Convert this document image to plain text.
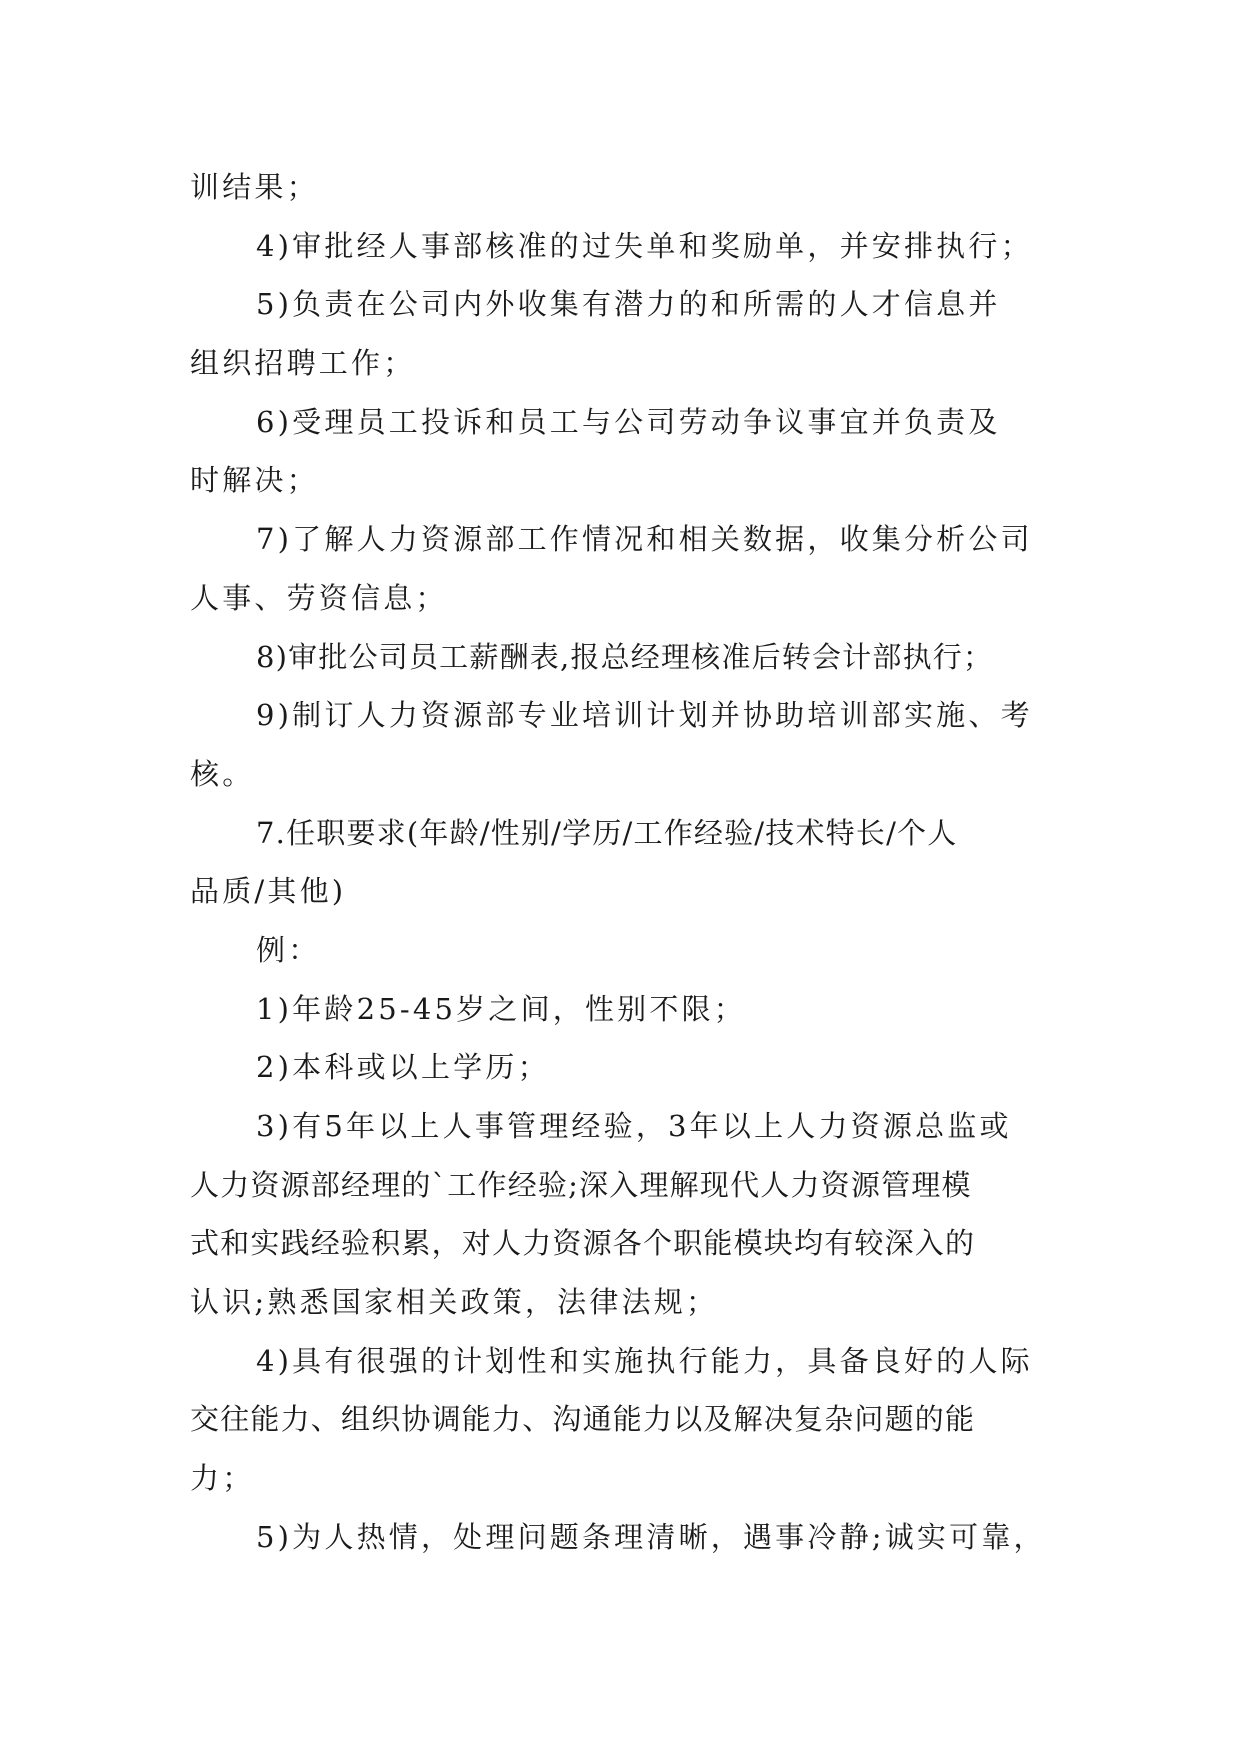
训结果；
4)审批经人事部核准的过失单和奖励单，并安排执行；
5)负责在公司内外收集有潜力的和所需的人才信息并
组织招聘工作；
6)受理员工投诉和员工与公司劳动争议事宜并负责及
时解决；
7)了解人力资源部工作情况和相关数据，收集分析公司
人事、劳资信息；
8)审批公司员工薪酬表,报总经理核准后转会计部执行；
9)制订人力资源部专业培训计划并协助培训部实施、考
核。
7.任职要求(年龄/性别/学历/工作经验/技术特长/个人
品质/其他)
例：
1)年龄25-45岁之间，性别不限；
2)本科或以上学历；
3)有5年以上人事管理经验，3年以上人力资源总监或
人力资源部经理的`工作经验;深入理解现代人力资源管理模
式和实践经验积累，对人力资源各个职能模块均有较深入的
认识;熟悉国家相关政策，法律法规；
4)具有很强的计划性和实施执行能力，具备良好的人际
交往能力、组织协调能力、沟通能力以及解决复杂问题的能
力；
5)为人热情，处理问题条理清晰，遇事冷静;诚实可靠，
